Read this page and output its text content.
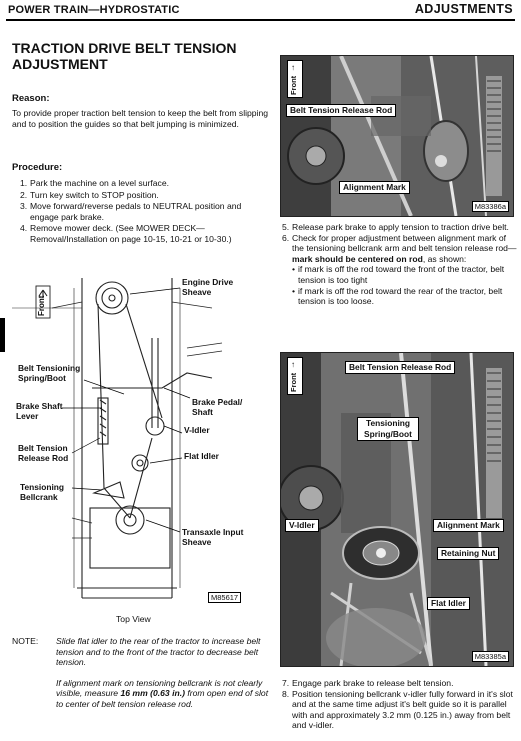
POWER TRAIN—HYDROSTATIC	ADJUSTMENTS
TRACTION DRIVE BELT TENSION ADJUSTMENT
Reason:
To provide proper traction belt tension to keep the belt from slipping and to position the guides so that belt jumping is minimized.
Procedure:
1. Park the machine on a level surface.
2. Turn key switch to STOP position.
3. Move forward/reverse pedals to NEUTRAL position and engage park brake.
4. Remove mower deck. (See MOWER DECK—Removal/Installation on page 10-15, 10-21 or 10-30.)
Front
Engine Drive Sheave
Belt Tensioning Spring/Boot
Brake Shaft Lever
Brake Pedal/ Shaft
V-Idler
Belt Tension Release Rod	Flat Idler
Tensioning Bellcrank
Transaxle Input Sheave
M85617
Top View
NOTE: Slide flat idler to the rear of the tractor to increase belt tension and to the front of the tractor to decrease belt tension.

If alignment mark on tensioning bellcrank is not clearly visible, measure 16 mm (0.63 in.) from open end of slot to center of belt tension release rod.

Belt Tension Release Rod
Alignment Mark
↑
Front
M83386a
5. Release park brake to apply tension to traction drive belt.
6. Check for proper adjustment between alignment mark of the tensioning bellcrank arm and belt tension release rod—mark should be centered on rod, as shown:
• if mark is off the rod toward the front of the tractor, belt tension is too tight
• if mark is off the rod toward the rear of the tractor, belt tension is too loose.
Belt Tension Release Rod
Tensioning Spring/Boot
V-Idler	Alignment Mark
Retaining Nut
Flat Idler
↑
Front
M83385a
7. Engage park brake to release belt tension.
8. Position tensioning bellcrank v-idler fully forward in it's slot and at the same time adjust it's belt guide so it is parallel with and approximately 3.2 mm (0.125 in.) away from belt and v-idler.
